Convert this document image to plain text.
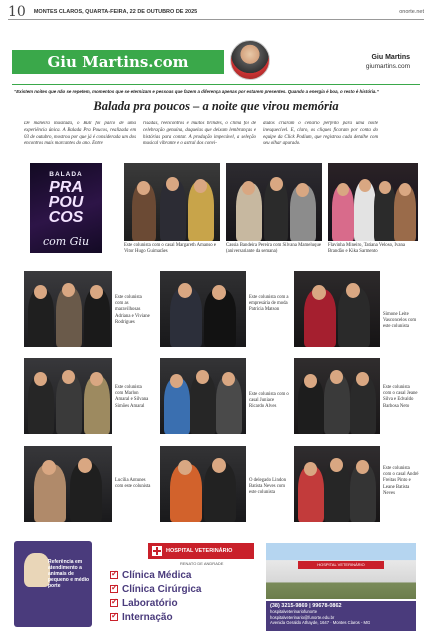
10 MONTES CLAROS, QUARTA-FEIRA, 22 DE OUTUBRO DE 2025	onorte.net
Giu Martins.com	Giu Martins
giumartins.com
“Existem noites que não se repetem, momentos que se eternizam e pessoas que fazem a diferença apenas por estarem presentes. Quando a energia é boa, o resto é história.”
Balada pra poucos – a noite que virou memória
De maneira inusitada, o Bull foi palco de uma experiência única. A Balada Pra Poucos, realizada em 03 de outubro, mostrou por que já é considerada um dos encontros mais marcantes do ano. Entre
risadas, reencontros e muitos brindes, o clima foi de celebração genuína, daquelas que deixam lembranças e histórias para contar. A produção impecável, a seleção musical vibrante e o astral dos convi-
dados criaram o cenário perfeito para uma noite inesquecível. E, claro, os cliques ficaram por conta do equipe da Click Podium, que registrou cada detalhe com seu olhar apurado.
BALADA
PRA
POU
COS
com Giu	Este colunista com o casal Margareth Amanso e Vitor Hugo Guimarães
Cassia Bandeira Pereira com Silvana Mameluque (aniversariante da semana)
Flavinha Mineiro, Tatiana Veloso, Ivana Brandão e Kika Sarmento
Este colunista com as maravilhosas Adriana e Viviane Rodrigues
Este colunista com a empresária de moda Patrícia Matson
Simone Leite Vasconcelos com este colunista
Este colunista com Marlon Amaral e Silvana Simões Amaral
Este colunista com o casal Juniace Ricardo Alves
Este colunista com o casal Jeane Silva e Edvaldo Barbosa Neto
Lucília Antunes com este colunista
O delegado Lindon Batista Neves com este colunista
Este colunista com o casal André Freitas Pinto e Leane Batista Neves
Referência em atendimento a animais de pequeno e médio porte
HOSPITAL VETERINÁRIO
RENATO DE ANDRADE
✓
Clínica Médica
✓
Clínica Cirúrgica
✓
Laboratório
✓
Internação
HOSPITAL VETERINÁRIO
(38) 3215-9869 | 99678-0862
hospitalveterinariofunorte
hospitalveterinario@funorte.edu.br
Avenida Geraldo Athayde, 1647 · Montes Claros - MG
